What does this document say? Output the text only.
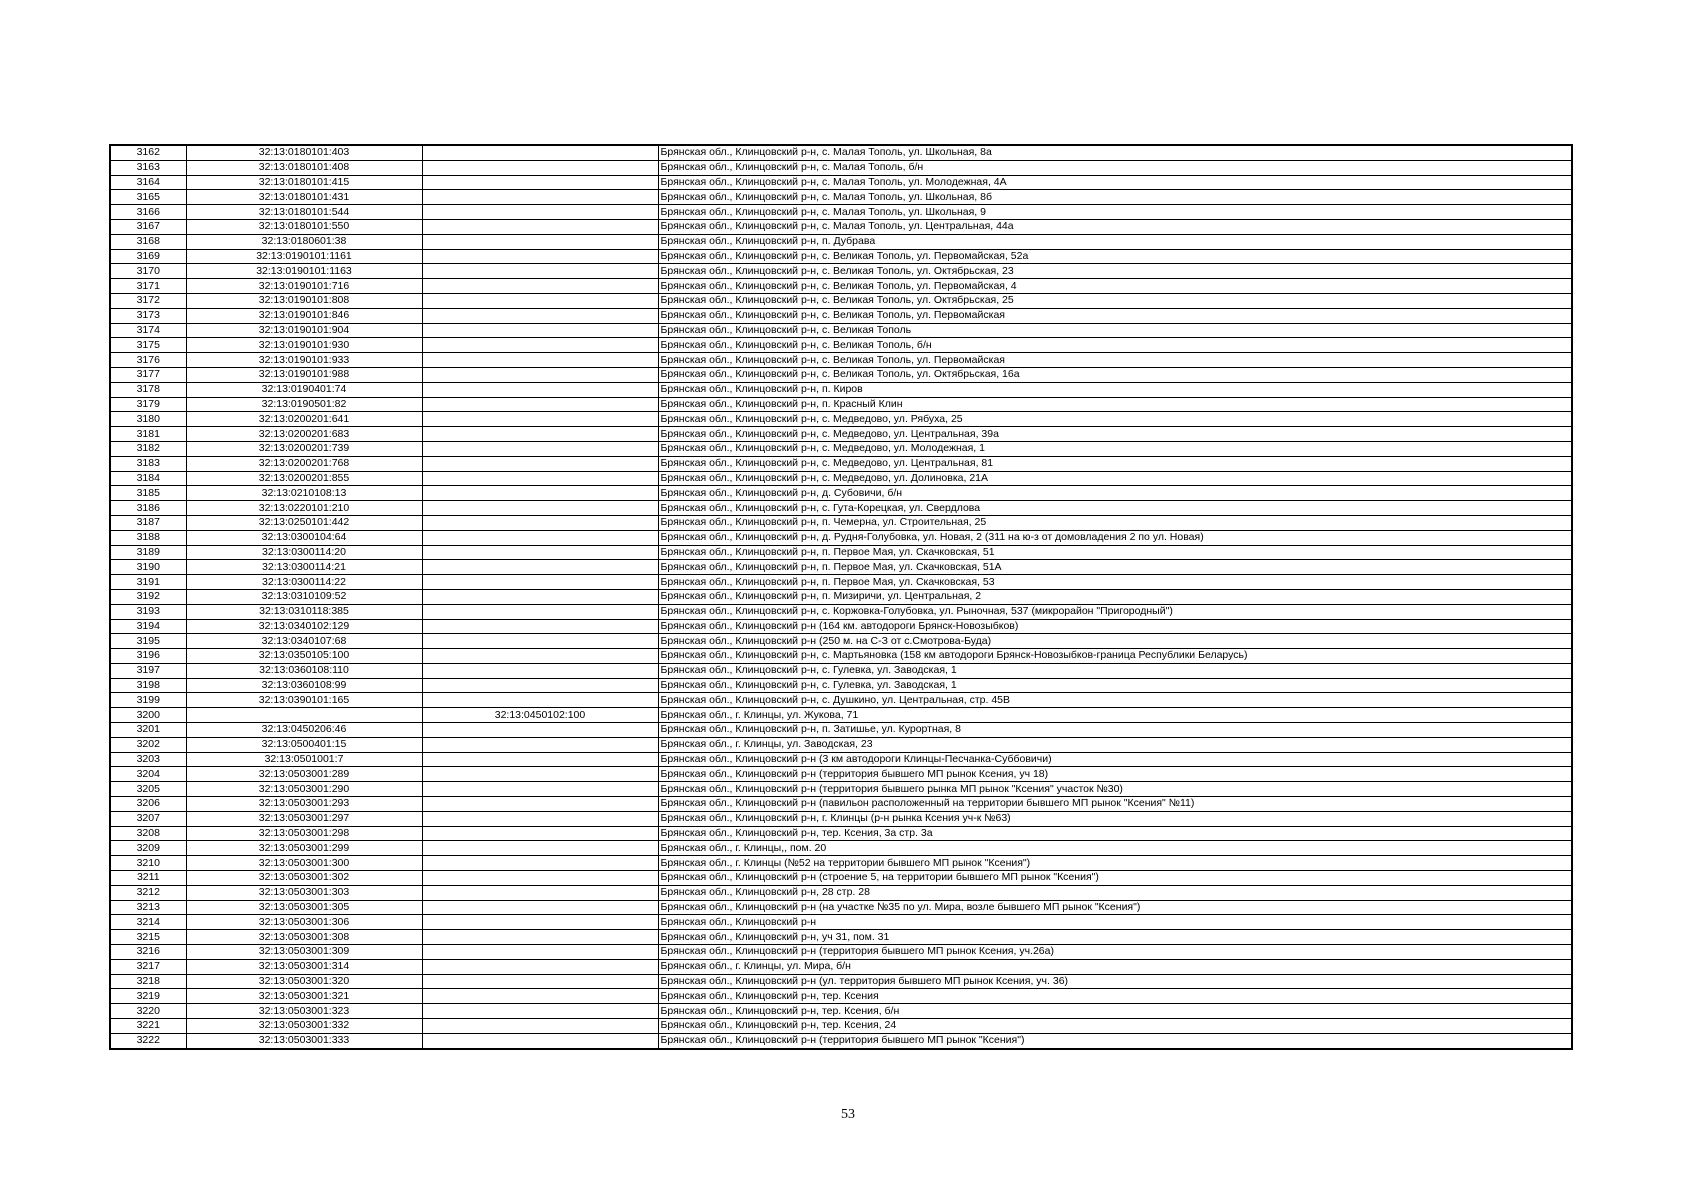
3162	32:13:0180101:403		Брянская обл., Клинцовский р-н, с. Малая Тополь, ул. Школьная, 8а
3163	32:13:0180101:408		Брянская обл., Клинцовский р-н, с. Малая Тополь, б/н
3164	32:13:0180101:415		Брянская обл., Клинцовский р-н, с. Малая Тополь, ул. Молодежная, 4А
3165	32:13:0180101:431		Брянская обл., Клинцовский р-н, с. Малая Тополь, ул. Школьная, 8б
3166	32:13:0180101:544		Брянская обл., Клинцовский р-н, с. Малая Тополь, ул. Школьная, 9
3167	32:13:0180101:550		Брянская обл., Клинцовский р-н, с. Малая Тополь, ул. Центральная, 44а
3168	32:13:0180601:38		Брянская обл., Клинцовский р-н, п. Дубрава
3169	32:13:0190101:1161		Брянская обл., Клинцовский р-н, с. Великая Тополь, ул. Первомайская, 52а
3170	32:13:0190101:1163		Брянская обл., Клинцовский р-н, с. Великая Тополь, ул. Октябрьская, 23
3171	32:13:0190101:716		Брянская обл., Клинцовский р-н, с. Великая Тополь, ул. Первомайская, 4
3172	32:13:0190101:808		Брянская обл., Клинцовский р-н, с. Великая Тополь, ул. Октябрьская, 25
3173	32:13:0190101:846		Брянская обл., Клинцовский р-н, с. Великая Тополь, ул. Первомайская
3174	32:13:0190101:904		Брянская обл., Клинцовский р-н, с. Великая Тополь
3175	32:13:0190101:930		Брянская обл., Клинцовский р-н, с. Великая Тополь, б/н
3176	32:13:0190101:933		Брянская обл., Клинцовский р-н, с. Великая Тополь, ул. Первомайская
3177	32:13:0190101:988		Брянская обл., Клинцовский р-н, с. Великая Тополь, ул. Октябрьская, 16а
3178	32:13:0190401:74		Брянская обл., Клинцовский р-н, п. Киров
3179	32:13:0190501:82		Брянская обл., Клинцовский р-н, п. Красный Клин
3180	32:13:0200201:641		Брянская обл., Клинцовский р-н, с. Медведово, ул. Рябуха, 25
3181	32:13:0200201:683		Брянская обл., Клинцовский р-н, с. Медведово, ул. Центральная, 39а
3182	32:13:0200201:739		Брянская обл., Клинцовский р-н, с. Медведово, ул. Молодежная, 1
3183	32:13:0200201:768		Брянская обл., Клинцовский р-н, с. Медведово, ул. Центральная, 81
3184	32:13:0200201:855		Брянская обл., Клинцовский р-н, с. Медведово, ул. Долиновка, 21А
3185	32:13:0210108:13		Брянская обл., Клинцовский р-н, д. Субовичи, б/н
3186	32:13:0220101:210		Брянская обл., Клинцовский р-н, с. Гута-Корецкая, ул. Свердлова
3187	32:13:0250101:442		Брянская обл., Клинцовский р-н, п. Чемерна, ул. Строительная, 25
3188	32:13:0300104:64		Брянская обл., Клинцовский р-н, д. Рудня-Голубовка, ул. Новая, 2 (311 на ю-з от домовладения 2 по ул. Новая)
3189	32:13:0300114:20		Брянская обл., Клинцовский р-н, п. Первое Мая, ул. Скачковская, 51
3190	32:13:0300114:21		Брянская обл., Клинцовский р-н, п. Первое Мая, ул. Скачковская, 51А
3191	32:13:0300114:22		Брянская обл., Клинцовский р-н, п. Первое Мая, ул. Скачковская, 53
3192	32:13:0310109:52		Брянская обл., Клинцовский р-н, п. Мизиричи, ул. Центральная, 2
3193	32:13:0310118:385		Брянская обл., Клинцовский р-н, с. Коржовка-Голубовка, ул. Рыночная, 537 (микрорайон "Пригородный")
3194	32:13:0340102:129		Брянская обл., Клинцовский р-н (164 км. автодороги Брянск-Новозыбков)
3195	32:13:0340107:68		Брянская обл., Клинцовский р-н (250 м. на С-З от с.Смотрова-Буда)
3196	32:13:0350105:100		Брянская обл., Клинцовский р-н, с. Мартьяновка (158 км автодороги Брянск-Новозыбков-граница Республики Беларусь)
3197	32:13:0360108:110		Брянская обл., Клинцовский р-н, с. Гулевка, ул. Заводская, 1
3198	32:13:0360108:99		Брянская обл., Клинцовский р-н, с. Гулевка, ул. Заводская, 1
3199	32:13:0390101:165		Брянская обл., Клинцовский р-н, с. Душкино, ул. Центральная, стр. 45В
3200		32:13:0450102:100	Брянская обл., г. Клинцы, ул. Жукова, 71
3201	32:13:0450206:46		Брянская обл., Клинцовский р-н, п. Затишье, ул. Курортная, 8
3202	32:13:0500401:15		Брянская обл., г. Клинцы, ул. Заводская, 23
3203	32:13:0501001:7		Брянская обл., Клинцовский р-н (3 км автодороги Клинцы-Песчанка-Суббовичи)
3204	32:13:0503001:289		Брянская обл., Клинцовский р-н (территория бывшего МП рынок Ксения, уч 18)
3205	32:13:0503001:290		Брянская обл., Клинцовский р-н (территория бывшего рынка МП рынок "Ксения" участок №30)
3206	32:13:0503001:293		Брянская обл., Клинцовский р-н (павильон расположенный на территории бывшего МП рынок "Ксения" №11)
3207	32:13:0503001:297		Брянская обл., Клинцовский р-н, г. Клинцы (р-н рынка Ксения уч-к №63)
3208	32:13:0503001:298		Брянская обл., Клинцовский р-н, тер. Ксения, 3а стр. 3а
3209	32:13:0503001:299		Брянская обл., г. Клинцы,, пом. 20
3210	32:13:0503001:300		Брянская обл., г. Клинцы (№52 на территории бывшего МП рынок "Ксения")
3211	32:13:0503001:302		Брянская обл., Клинцовский р-н (строение 5, на территории бывшего МП рынок "Ксения")
3212	32:13:0503001:303		Брянская обл., Клинцовский р-н, 28 стр. 28
3213	32:13:0503001:305		Брянская обл., Клинцовский р-н (на участке №35 по ул. Мира, возле бывшего МП рынок "Ксения")
3214	32:13:0503001:306		Брянская обл., Клинцовский р-н
3215	32:13:0503001:308		Брянская обл., Клинцовский р-н, уч 31, пом. 31
3216	32:13:0503001:309		Брянская обл., Клинцовский р-н (территория бывшего МП рынок Ксения, уч.26а)
3217	32:13:0503001:314		Брянская обл., г. Клинцы, ул. Мира, б/н
3218	32:13:0503001:320		Брянская обл., Клинцовский р-н (ул. территория бывшего МП рынок Ксения, уч. 36)
3219	32:13:0503001:321		Брянская обл., Клинцовский р-н, тер. Ксения
3220	32:13:0503001:323		Брянская обл., Клинцовский р-н, тер. Ксения, б/н
3221	32:13:0503001:332		Брянская обл., Клинцовский р-н, тер. Ксения, 24
3222	32:13:0503001:333		Брянская обл., Клинцовский р-н (территория бывшего МП рынок "Ксения")
53
